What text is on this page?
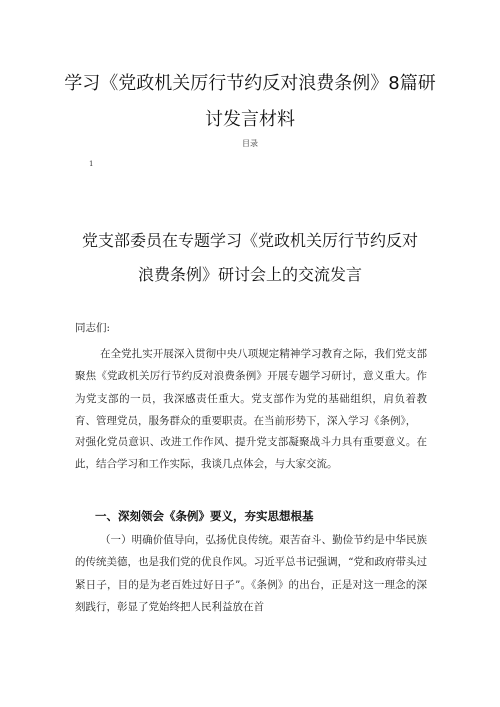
学习《党政机关厉行节约反对浪费条例》8篇研讨发言材料
目录
1
党支部委员在专题学习《党政机关厉行节约反对浪费条例》研讨会上的交流发言

同志们:

在全党扎实开展深入贯彻中央八项规定精神学习教育之际，我们党支部聚焦《党政机关厉行节约反对浪费条例》开展专题学习研讨，意义重大。作为党支部的一员，我深感责任重大。党支部作为党的基础组织，肩负着教育、管理党员，服务群众的重要职责。在当前形势下，深入学习《条例》，

对强化党员意识、改进工作作风、提升党支部凝聚战斗力具有重要意义。在此，结合学习和工作实际，我谈几点体会，与大家交流。

一、深刻领会《条例》要义，夯实思想根基

（一）明确价值导向，弘扬优良传统。艰苦奋斗、勤俭节约是中华民族的传统美德，也是我们党的优良作风。习近平总书记强调，“党和政府带头过紧日子，目的是为老百姓过好日子”。《条例》的出台，正是对这一理念的深刻践行，彰显了党始终把人民利益放在首
